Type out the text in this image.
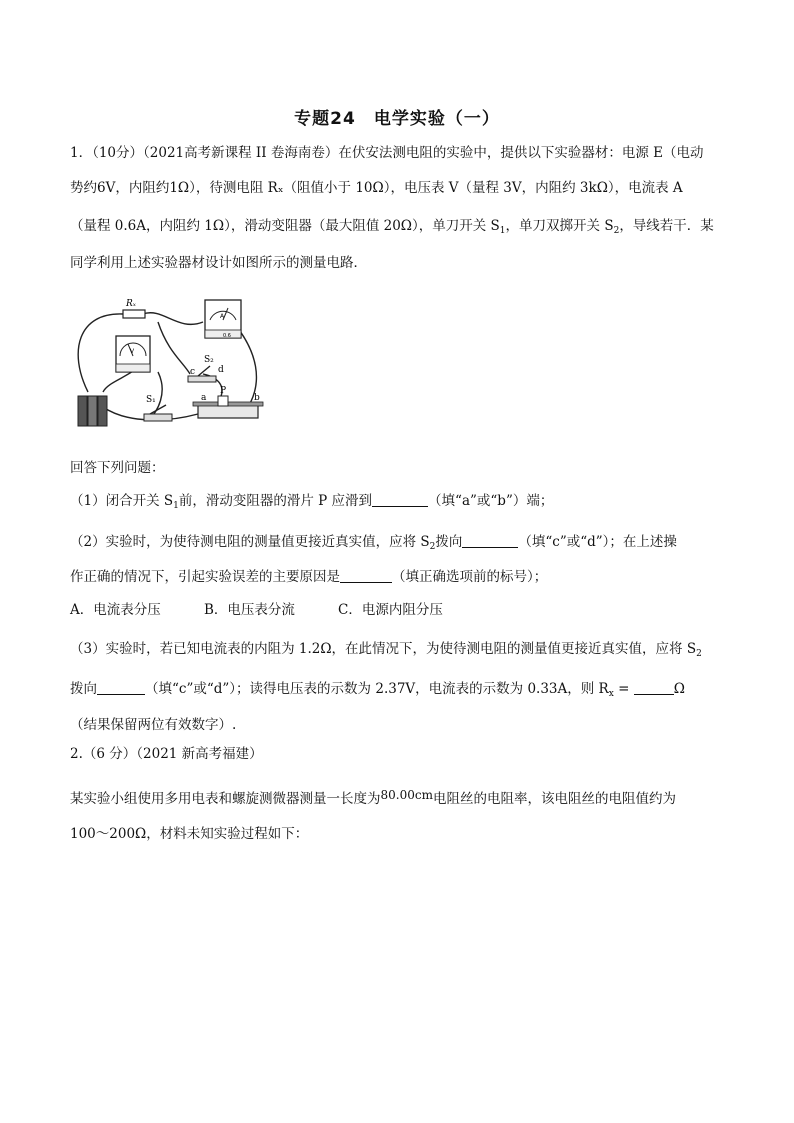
专题24　电学实验（一）
1．（10分）（2021高考新课程 II 卷海南卷）在伏安法测电阻的实验中，提供以下实验器材：电源 E（电动
势约6V，内阻约1Ω），待测电阻 Rₓ（阻值小于 10Ω），电压表 V（量程 3V，内阻约 3kΩ），电流表 A
（量程 0.6A，内阻约 1Ω），滑动变阻器（最大阻值 20Ω），单刀开关 $S_1$，单刀双掷开关 $S_2$，导线若干．某
同学利用上述实验器材设计如图所示的测量电路．
Rₓ
A
0.6
V
S₂
c	d
S₁	a
P
b
回答下列问题：
（1）闭合开关 $S_1$前，滑动变阻器的滑片 P 应滑到	（填“a”或“b”）端；
（2）实验时，为使待测电阻的测量值更接近真实值，应将 $S_2$拨向	（填“c”或“d”）；在上述操
作正确的情况下，引起实验误差的主要原因是	（填正确选项前的标号）；
A．电流表分压	B．电压表分流	C．电源内阻分压
（3）实验时，若已知电流表的内阻为 1.2Ω，在此情况下，为使待测电阻的测量值更接近真实值，应将 $S_2$
拨向	（填“c”或“d”）；读得电压表的示数为 2.37V，电流表的示数为 0.33A，则 $R_x$ =	Ω
（结果保留两位有效数字）.
2.（6 分）（2021 新高考福建）
某实验小组使用多用电表和螺旋测微器测量一长度为80.00cm电阻丝的电阻率，该电阻丝的电阻值约为
100～200Ω，材料未知实验过程如下：
